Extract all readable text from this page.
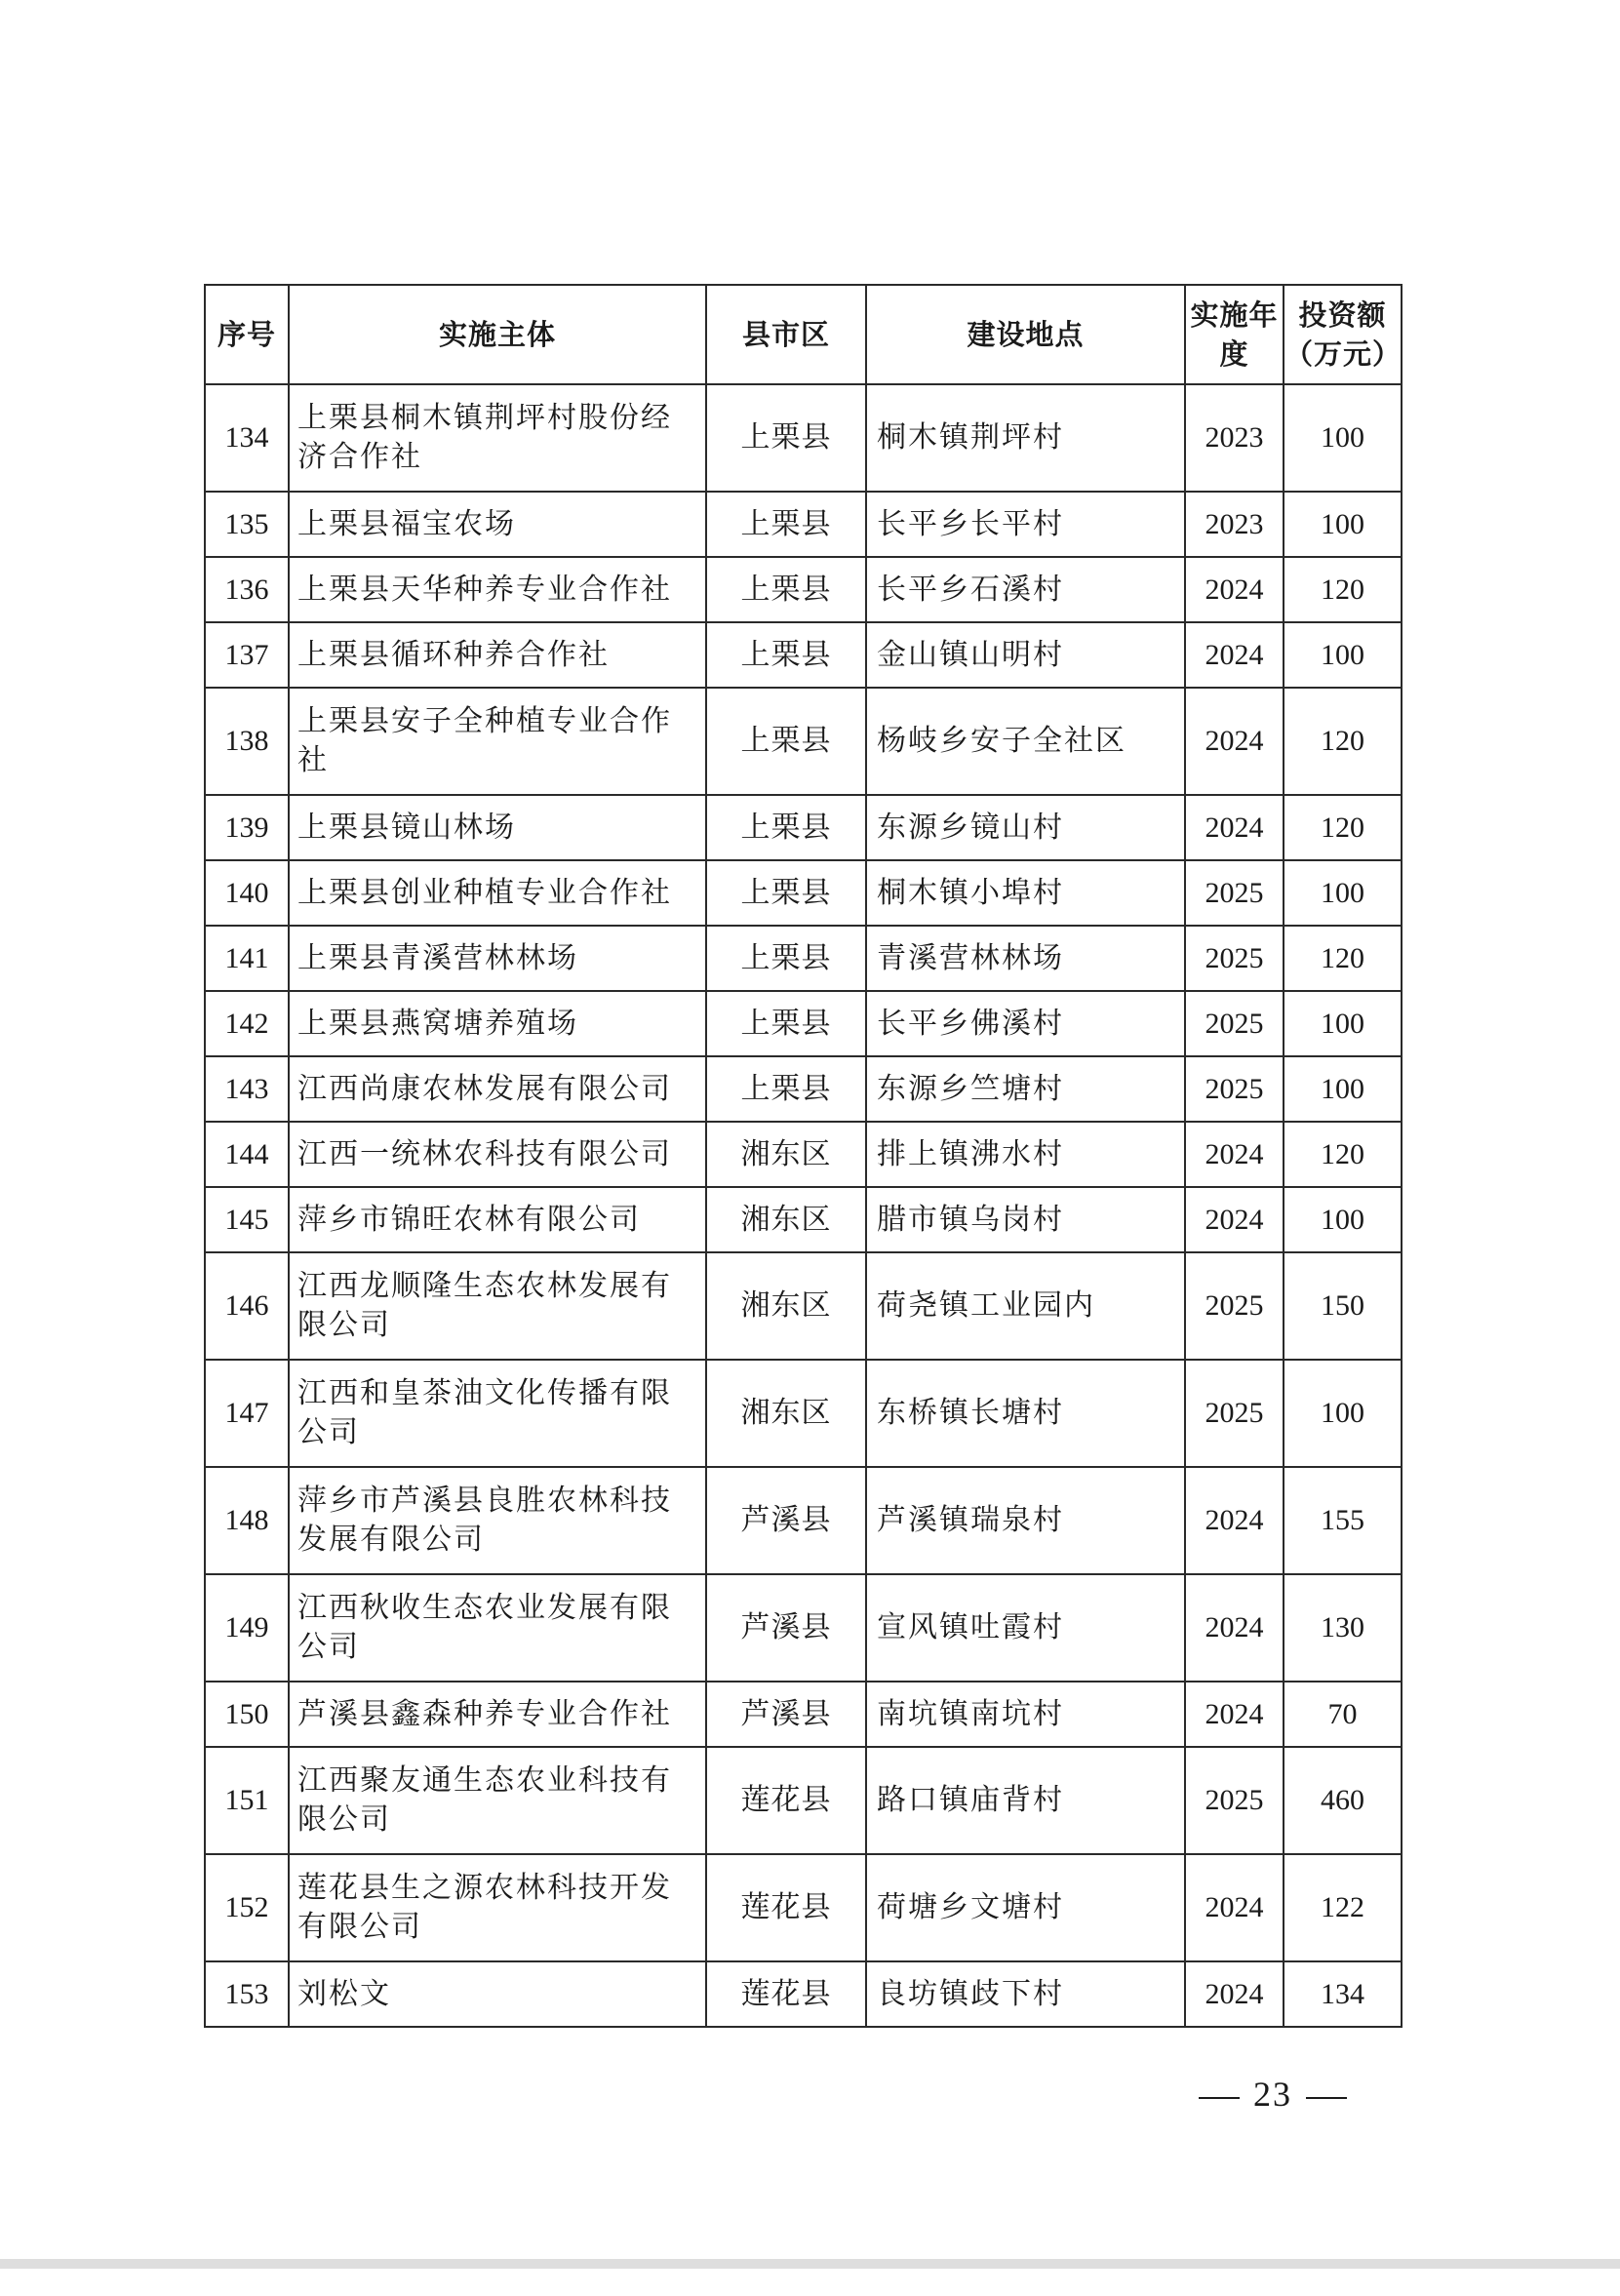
序号	实施主体	县市区	建设地点	实施年度	投资额（万元）
134	上栗县桐木镇荆坪村股份经济合作社	上栗县	桐木镇荆坪村	2023	100
135	上栗县福宝农场	上栗县	长平乡长平村	2023	100
136	上栗县天华种养专业合作社	上栗县	长平乡石溪村	2024	120
137	上栗县循环种养合作社	上栗县	金山镇山明村	2024	100
138	上栗县安子全种植专业合作社	上栗县	杨岐乡安子全社区	2024	120
139	上栗县镜山林场	上栗县	东源乡镜山村	2024	120
140	上栗县创业种植专业合作社	上栗县	桐木镇小埠村	2025	100
141	上栗县青溪营林林场	上栗县	青溪营林林场	2025	120
142	上栗县燕窝塘养殖场	上栗县	长平乡佛溪村	2025	100
143	江西尚康农林发展有限公司	上栗县	东源乡竺塘村	2025	100
144	江西一统林农科技有限公司	湘东区	排上镇沸水村	2024	120
145	萍乡市锦旺农林有限公司	湘东区	腊市镇乌岗村	2024	100
146	江西龙顺隆生态农林发展有限公司	湘东区	荷尧镇工业园内	2025	150
147	江西和皇茶油文化传播有限公司	湘东区	东桥镇长塘村	2025	100
148	萍乡市芦溪县良胜农林科技发展有限公司	芦溪县	芦溪镇瑞泉村	2024	155
149	江西秋收生态农业发展有限公司	芦溪县	宣风镇吐霞村	2024	130
150	芦溪县鑫森种养专业合作社	芦溪县	南坑镇南坑村	2024	70
151	江西聚友通生态农业科技有限公司	莲花县	路口镇庙背村	2025	460
152	莲花县生之源农林科技开发有限公司	莲花县	荷塘乡文塘村	2024	122
153	刘松文	莲花县	良坊镇歧下村	2024	134
23
